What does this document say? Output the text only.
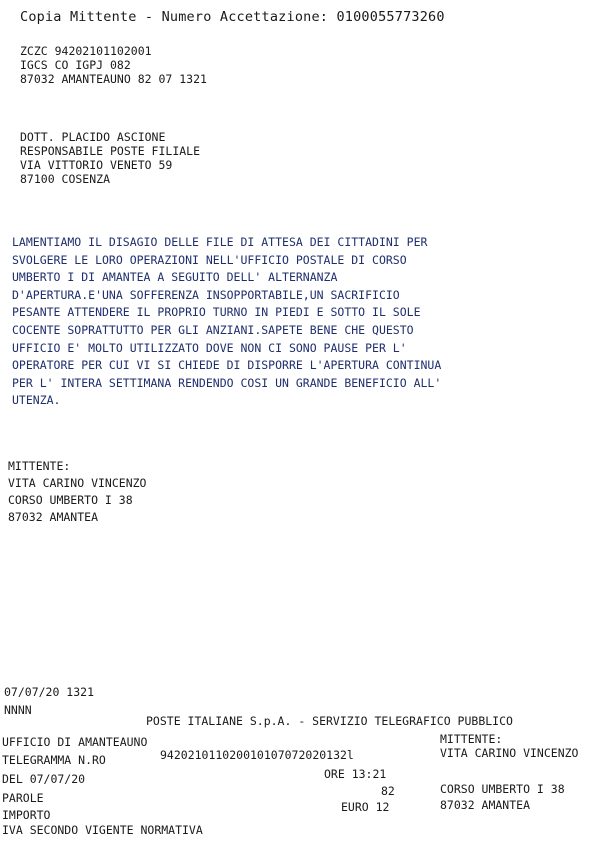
Copia Mittente - Numero Accettazione: 0100055773260
ZCZC 94202101102001
IGCS CO IGPJ 082
87032 AMANTEAUNO 82 07 1321
DOTT. PLACIDO ASCIONE
RESPONSABILE POSTE FILIALE
VIA VITTORIO VENETO 59
87100 COSENZA
LAMENTIAMO IL DISAGIO DELLE FILE DI ATTESA DEI CITTADINI PER
SVOLGERE LE LORO OPERAZIONI NELL'UFFICIO POSTALE DI CORSO
UMBERTO I DI AMANTEA A SEGUITO DELL' ALTERNANZA
D'APERTURA.E'UNA SOFFERENZA INSOPPORTABILE,UN SACRIFICIO
PESANTE ATTENDERE IL PROPRIO TURNO IN PIEDI E SOTTO IL SOLE
COCENTE SOPRATTUTTO PER GLI ANZIANI.SAPETE BENE CHE QUESTO
UFFICIO E' MOLTO UTILIZZATO DOVE NON CI SONO PAUSE PER L'
OPERATORE PER CUI VI SI CHIEDE DI DISPORRE L'APERTURA CONTINUA
PER L' INTERA SETTIMANA RENDENDO COSI UN GRANDE BENEFICIO ALL'
UTENZA.
MITTENTE:
VITA CARINO VINCENZO
CORSO UMBERTO I 38
87032 AMANTEA
07/07/20 1321
NNNN
POSTE ITALIANE S.p.A. - SERVIZIO TELEGRAFICO PUBBLICO
UFFICIO DI AMANTEAUNO
TELEGRAMMA N.RO	942021011020010107072020132l
DEL 07/07/20	ORE 13:21
PAROLE	82
IMPORTO
EURO 12
IVA SECONDO VIGENTE NORMATIVA
MITTENTE:
VITA CARINO VINCENZO
CORSO UMBERTO I 38
87032 AMANTEA
